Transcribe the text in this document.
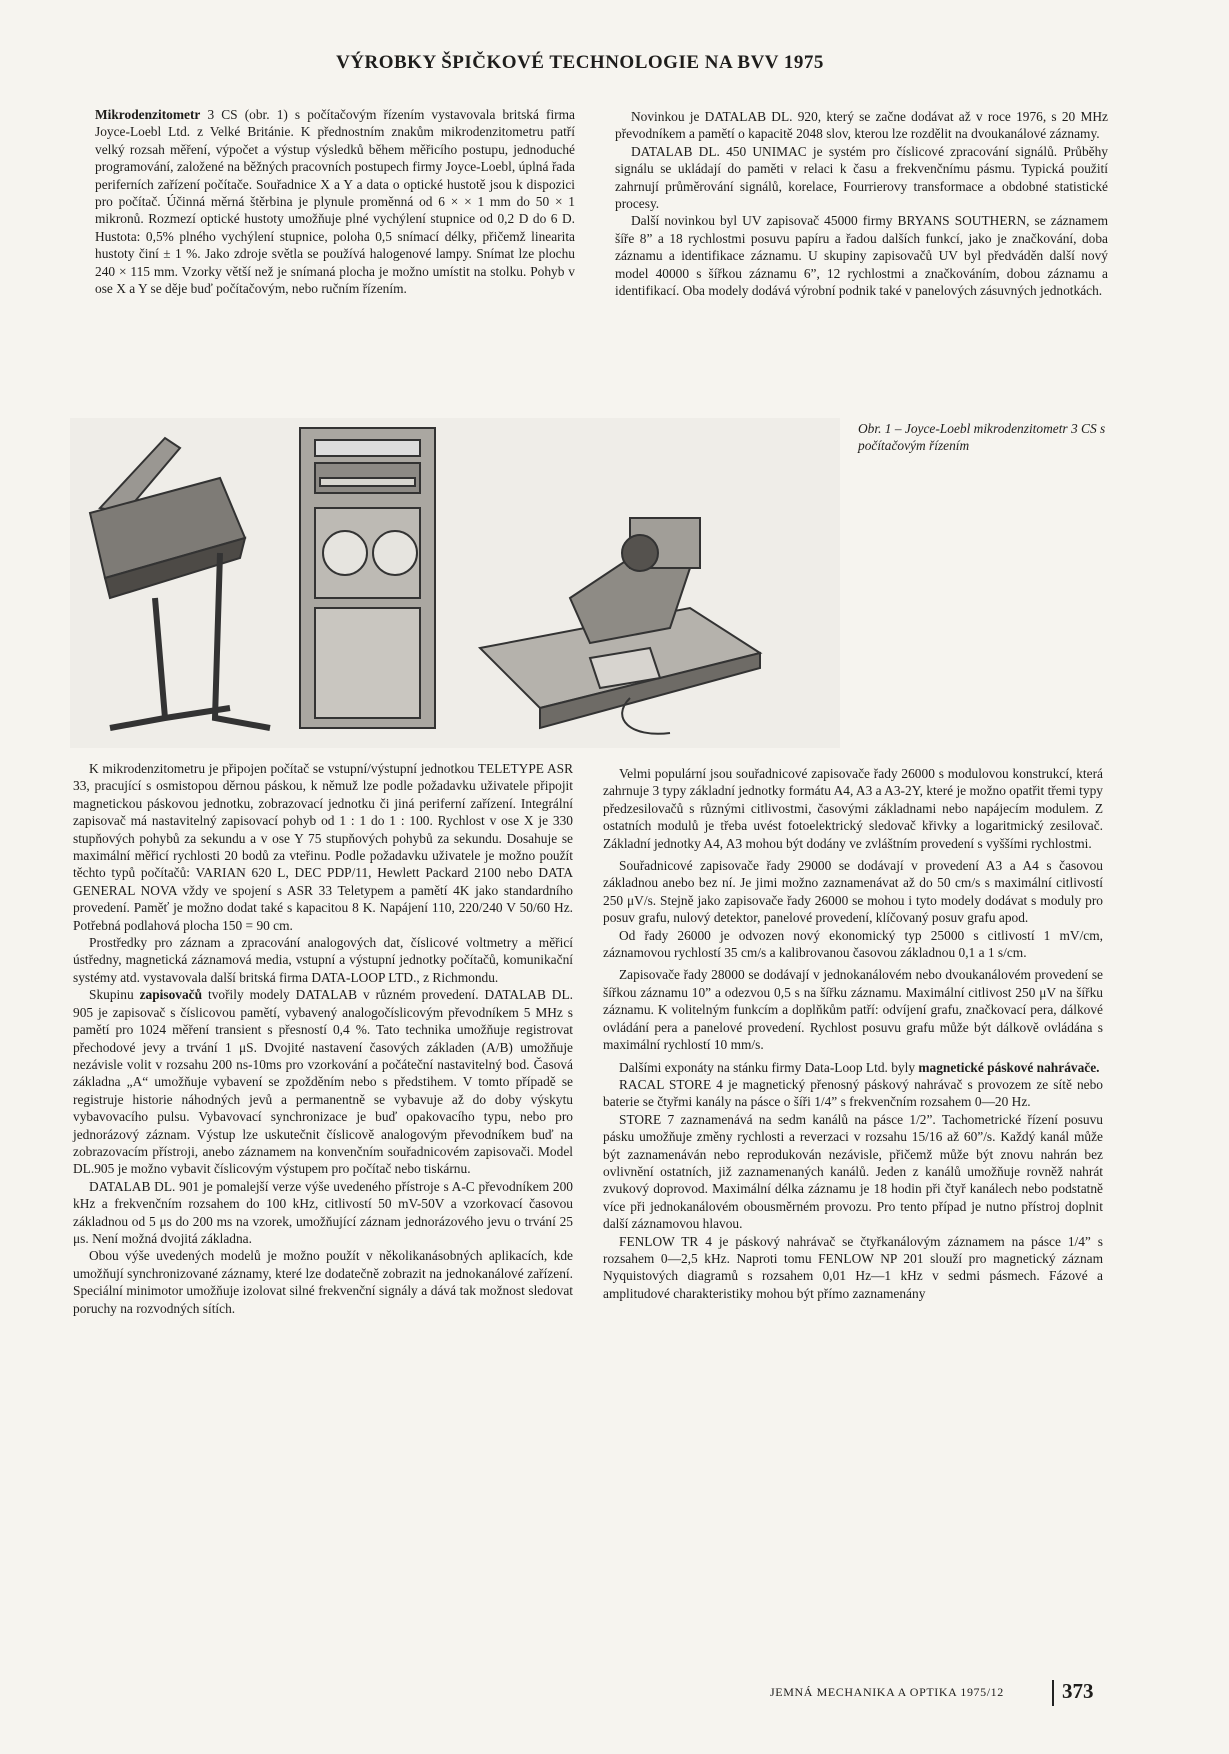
VÝROBKY ŠPIČKOVÉ TECHNOLOGIE NA BVV 1975

Mikrodenzitometr 3 CS (obr. 1) s počítačovým řízením vystavovala britská firma Joyce-Loebl Ltd. z Velké Británie. K přednostním znakům mikrodenzitometru patří velký rozsah měření, výpočet a výstup výsledků během měřicího postupu, jednoduché programování, založené na běžných pracovních postupech firmy Joyce-Loebl, úplná řada periferních zařízení počítače. Souřadnice X a Y a data o optické hustotě jsou k dispozici pro počítač. Účinná měrná štěrbina je plynule proměnná od 6 × × 1 mm do 50 × 1 mikronů. Rozmezí optické hustoty umožňuje plné vychýlení stupnice od 0,2 D do 6 D. Hustota: 0,5% plného vychýlení stupnice, poloha 0,5 snímací délky, přičemž linearita hustoty činí ± 1 %. Jako zdroje světla se používá halogenové lampy. Snímat lze plochu 240 × 115 mm. Vzorky větší než je snímaná plocha je možno umístit na stolku. Pohyb v ose X a Y se děje buď počítačovým, nebo ručním řízením.

Novinkou je DATALAB DL. 920, který se začne dodávat až v roce 1976, s 20 MHz převodníkem a pamětí o kapacitě 2048 slov, kterou lze rozdělit na dvoukanálové záznamy.

DATALAB DL. 450 UNIMAC je systém pro číslicové zpracování signálů. Průběhy signálu se ukládají do paměti v relaci k času a frekvenčnímu pásmu. Typická použití zahrnují průměrování signálů, korelace, Fourrierovy transformace a obdobné statistické procesy.

Další novinkou byl UV zapisovač 45000 firmy BRYANS SOUTHERN, se záznamem šíře 8” a 18 rychlostmi posuvu papíru a řadou dalších funkcí, jako je značkování, doba záznamu a identifikace záznamu. U skupiny zapisovačů UV byl předváděn další nový model 40000 s šířkou záznamu 6”, 12 rychlostmi a značkováním, dobou záznamu a identifikací. Oba modely dodává výrobní podnik také v panelových zásuvných jednotkách.

Obr. 1 – Joyce-Loebl mikrodenzitometr 3 CS s počítačovým řízením

K mikrodenzitometru je připojen počítač se vstupní/výstupní jednotkou TELETYPE ASR 33, pracující s osmistopou děrnou páskou, k němuž lze podle požadavku uživatele připojit magnetickou páskovou jednotku, zobrazovací jednotku či jiná periferní zařízení. Integrální zapisovač má nastavitelný zapisovací pohyb od 1 : 1 do 1 : 100. Rychlost v ose X je 330 stupňových pohybů za sekundu a v ose Y 75 stupňových pohybů za sekundu. Dosahuje se maximální měřicí rychlosti 20 bodů za vteřinu. Podle požadavku uživatele je možno použít těchto typů počítačů: VARIAN 620 L, DEC PDP/11, Hewlett Packard 2100 nebo DATA GENERAL NOVA vždy ve spojení s ASR 33 Teletypem a pamětí 4K jako standardního provedení. Paměť je možno dodat také s kapacitou 8 K. Napájení 110, 220/240 V 50/60 Hz. Potřebná podlahová plocha 150 = 90 cm.

Prostředky pro záznam a zpracování analogových dat, číslicové voltmetry a měřicí ústředny, magnetická záznamová media, vstupní a výstupní jednotky počítačů, komunikační systémy atd. vystavovala další britská firma DATA-LOOP LTD., z Richmondu.

Skupinu zapisovačů tvořily modely DATALAB v různém provedení. DATALAB DL. 905 je zapisovač s číslicovou pamětí, vybavený analogočíslicovým převodníkem 5 MHz s pamětí pro 1024 měření transient s přesností 0,4 %. Tato technika umožňuje registrovat přechodové jevy a trvání 1 μS. Dvojité nastavení časových základen (A/B) umožňuje nezávisle volit v rozsahu 200 ns-10ms pro vzorkování a počáteční nastavitelný bod. Časová základna „A“ umožňuje vybavení se zpožděním nebo s předstihem. V tomto případě se registruje historie náhodných jevů a permanentně se vybavuje až do doby výskytu vybavovacího pulsu. Vybavovací synchronizace je buď opakovacího typu, nebo pro jednorázový záznam. Výstup lze uskutečnit číslicově analogovým převodníkem buď na zobrazovacím přístroji, anebo záznamem na konvenčním souřadnicovém zapisovači. Model DL.905 je možno vybavit číslicovým výstupem pro počítač nebo tiskárnu.

DATALAB DL. 901 je pomalejší verze výše uvedeného přístroje s A-C převodníkem 200 kHz a frekvenčním rozsahem do 100 kHz, citlivostí 50 mV-50V a vzorkovací časovou základnou od 5 μs do 200 ms na vzorek, umožňující záznam jednorázového jevu o trvání 25 μs. Není možná dvojitá základna.

Obou výše uvedených modelů je možno použít v několikanásobných aplikacích, kde umožňují synchronizované záznamy, které lze dodatečně zobrazit na jednokanálové zařízení. Speciální minimotor umožňuje izolovat silné frekvenční signály a dává tak možnost sledovat poruchy na rozvodných sítích.

Velmi populární jsou souřadnicové zapisovače řady 26000 s modulovou konstrukcí, která zahrnuje 3 typy základní jednotky formátu A4, A3 a A3-2Y, které je možno opatřit třemi typy předzesilovačů s různými citlivostmi, časovými základnami nebo napájecím modulem. Z ostatních modulů je třeba uvést fotoelektrický sledovač křivky a logaritmický zesilovač. Základní jednotky A4, A3 mohou být dodány ve zvláštním provedení s vyššími rychlostmi.

Souřadnicové zapisovače řady 29000 se dodávají v provedení A3 a A4 s časovou základnou anebo bez ní. Je jimi možno zaznamenávat až do 50 cm/s s maximální citlivostí 250 μV/s. Stejně jako zapisovače řady 26000 se mohou i tyto modely dodávat s moduly pro posuv grafu, nulový detektor, panelové provedení, klíčovaný posuv grafu apod.

Od řady 26000 je odvozen nový ekonomický typ 25000 s citlivostí 1 mV/cm, záznamovou rychlostí 35 cm/s a kalibrovanou časovou základnou 0,1 a 1 s/cm.

Zapisovače řady 28000 se dodávají v jednokanálovém nebo dvoukanálovém provedení se šířkou záznamu 10” a odezvou 0,5 s na šířku záznamu. Maximální citlivost 250 μV na šířku záznamu. K volitelným funkcím a doplňkům patří: odvíjení grafu, značkovací pera, dálkové ovládání pera a panelové provedení. Rychlost posuvu grafu může být dálkově ovládána s maximální rychlostí 10 mm/s.

Dalšími exponáty na stánku firmy Data-Loop Ltd. byly magnetické páskové nahrávače.

RACAL STORE 4 je magnetický přenosný páskový nahrávač s provozem ze sítě nebo baterie se čtyřmi kanály na pásce o šíři 1/4” s frekvenčním rozsahem 0—20 Hz.

STORE 7 zaznamenává na sedm kanálů na pásce 1/2”. Tachometrické řízení posuvu pásku umožňuje změny rychlosti a reverzaci v rozsahu 15/16 až 60”/s. Každý kanál může být zaznamenáván nebo reprodukován nezávisle, přičemž může být znovu nahrán bez ovlivnění ostatních, již zaznamenaných kanálů. Jeden z kanálů umožňuje rovněž nahrát zvukový doprovod. Maximální délka záznamu je 18 hodin při čtyř kanálech nebo podstatně více při jednokanálovém obousměrném provozu. Pro tento případ je nutno přístroj doplnit další záznamovou hlavou.

FENLOW TR 4 je páskový nahrávač se čtyřkanálovým záznamem na pásce 1/4” s rozsahem 0—2,5 kHz. Naproti tomu FENLOW NP 201 slouží pro magnetický záznam Nyquistových diagramů s rozsahem 0,01 Hz—1 kHz v sedmi pásmech. Fázové a amplitudové charakteristiky mohou být přímo zaznamenány

JEMNÁ MECHANIKA A OPTIKA 1975/12	373
